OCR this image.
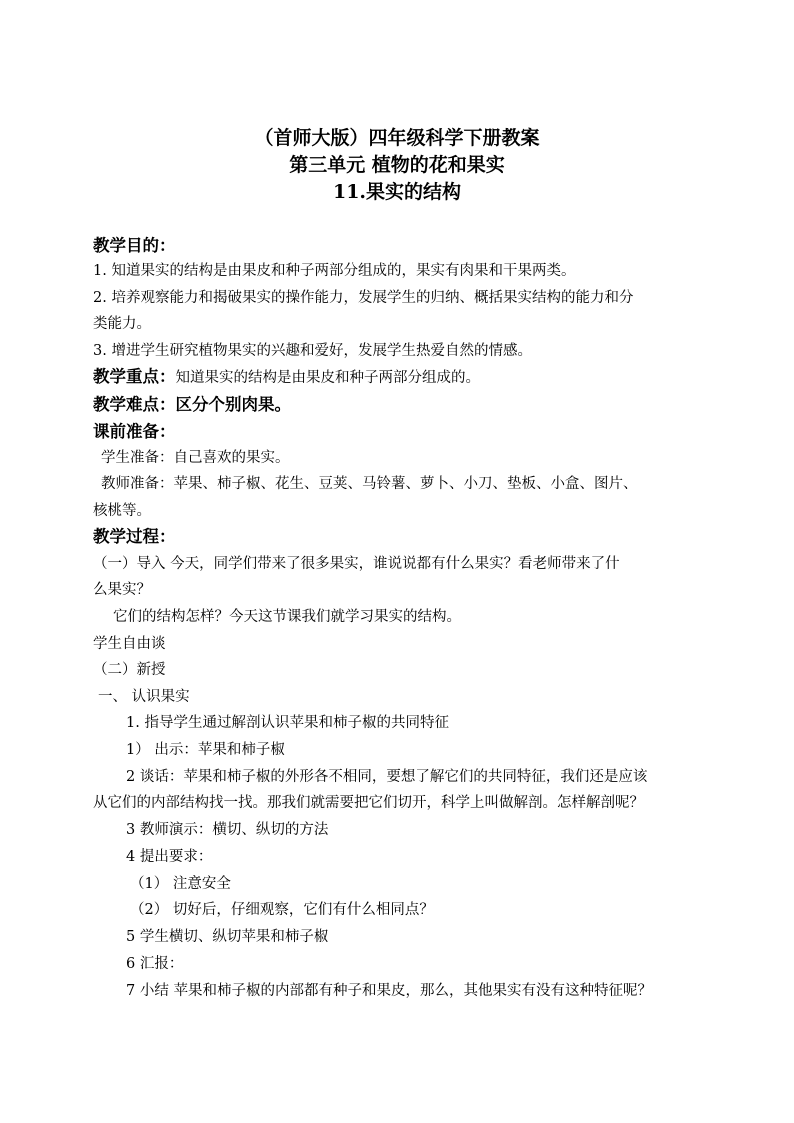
（首师大版）四年级科学下册教案
第三单元 植物的花和果实
11.果实的结构
教学目的：
1. 知道果实的结构是由果皮和种子两部分组成的，果实有肉果和干果两类。
2. 培养观察能力和揭破果实的操作能力，发展学生的归纳、概括果实结构的能力和分
类能力。
3. 增进学生研究植物果实的兴趣和爱好，发展学生热爱自然的情感。
教学重点：知道果实的结构是由果皮和种子两部分组成的。
教学难点：区分个别肉果。
课前准备：
学生准备：自己喜欢的果实。
教师准备：苹果、柿子椒、花生、豆荚、马铃薯、萝卜、小刀、垫板、小盒、图片、
核桃等。
教学过程：
（一）导入 今天，同学们带来了很多果实，谁说说都有什么果实？看老师带来了什
么果实？
它们的结构怎样？今天这节课我们就学习果实的结构。
学生自由谈
（二）新授
一、 认识果实
1. 指导学生通过解剖认识苹果和柿子椒的共同特征
1） 出示：苹果和柿子椒
2 谈话：苹果和柿子椒的外形各不相同，要想了解它们的共同特征，我们还是应该
从它们的内部结构找一找。那我们就需要把它们切开，科学上叫做解剖。怎样解剖呢？
3 教师演示：横切、纵切的方法
4 提出要求：
（1） 注意安全
（2） 切好后，仔细观察，它们有什么相同点？
5 学生横切、纵切苹果和柿子椒
6 汇报：
7 小结 苹果和柿子椒的内部都有种子和果皮，那么，其他果实有没有这种特征呢？
